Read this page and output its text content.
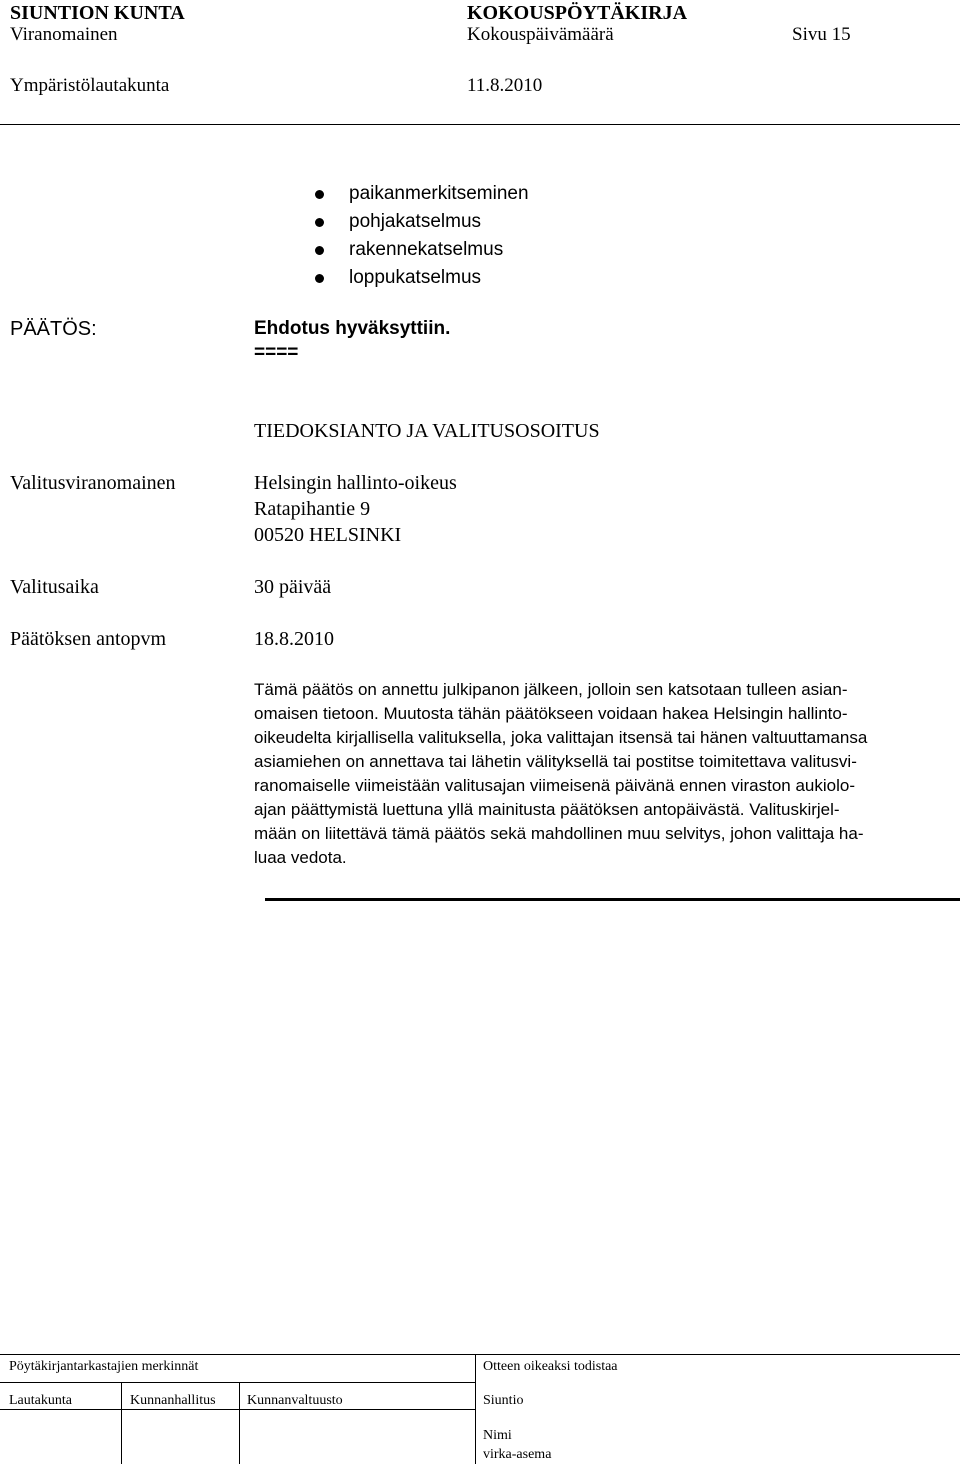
SIUNTION KUNTA	KOKOUSPÖYTÄKIRJA
Viranomainen	Kokouspäivämäärä	Sivu 15
Ympäristölautakunta	11.8.2010
paikanmerkitseminen
pohjakatselmus
rakennekatselmus
loppukatselmus
PÄÄTÖS:	Ehdotus hyväksyttiin.
====
TIEDOKSIANTO JA VALITUSOSOITUS
Valitusviranomainen	Helsingin hallinto-oikeus
Ratapihantie 9
00520 HELSINKI
Valitusaika	30 päivää
Päätöksen antopvm	18.8.2010

Tämä päätös on annettu julkipanon jälkeen, jolloin sen katsotaan tulleen asian-

omaisen tietoon. Muutosta tähän päätökseen voidaan hakea Helsingin hallinto-

oikeudelta kirjallisella valituksella, joka valittajan itsensä tai hänen valtuuttamansa

asiamiehen on annettava tai lähetin välityksellä tai postitse toimitettava valitusvi-

ranomaiselle viimeistään valitusajan viimeisenä päivänä ennen viraston aukiolo-

ajan päättymistä luettuna yllä mainitusta päätöksen antopäivästä. Valituskirjel-

mään on liitettävä tämä päätös sekä mahdollinen muu selvitys, johon valittaja ha-

luaa vedota.

Pöytäkirjantarkastajien merkinnät	Otteen oikeaksi todistaa
Lautakunta	Kunnanhallitus Kunnanvaltuusto	Siuntio
Nimi
virka-asema
